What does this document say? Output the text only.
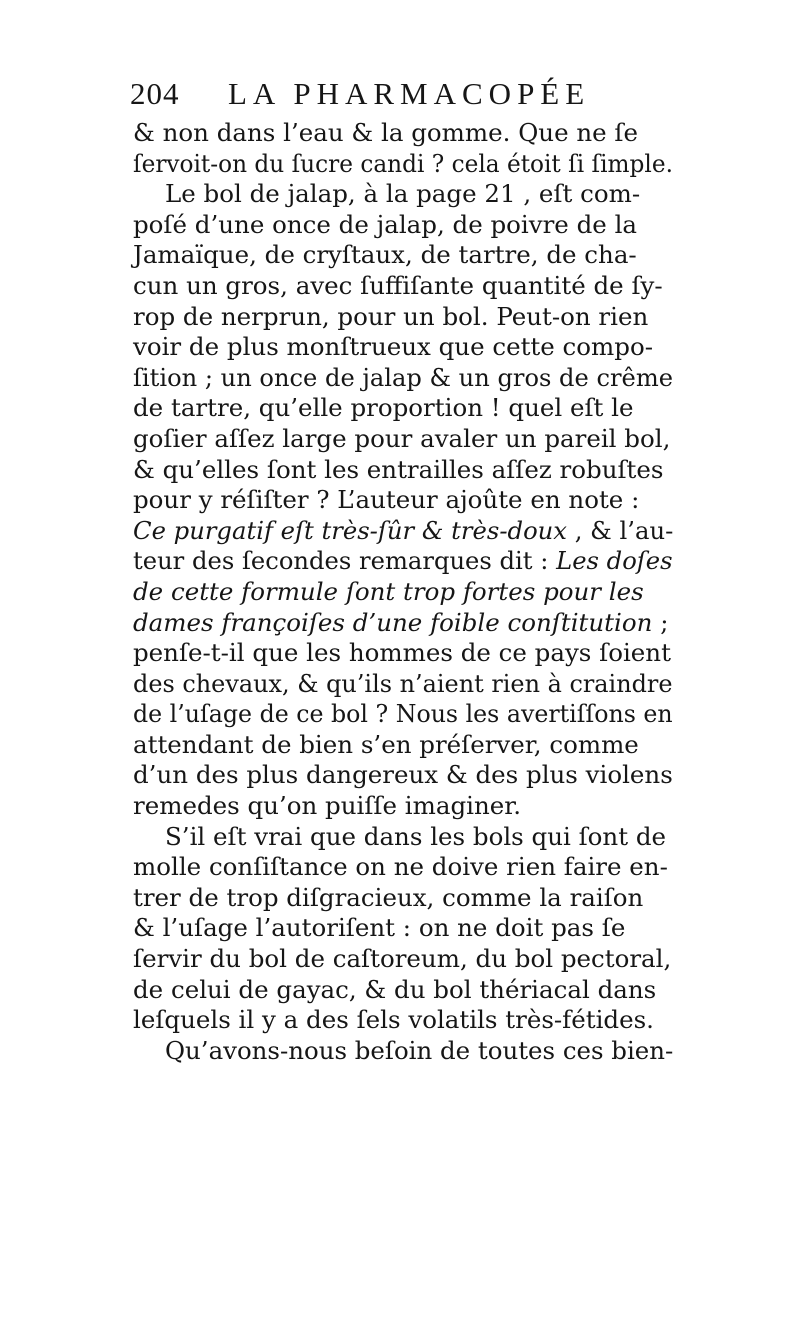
204 LA PHARMACOPÉE
& non dans l’eau & la gomme. Que ne ſe
ſervoit-on du ſucre candi ? cela étoit ſi ſimple.
Le bol de jalap, à la page 21 , eſt com-
poſé d’une once de jalap, de poivre de la
Jamaïque, de cryſtaux, de tartre, de cha-
cun un gros, avec ſuffiſante quantité de ſy-
rop de nerprun, pour un bol. Peut-on rien
voir de plus monſtrueux que cette compo-
ſition ; un once de jalap & un gros de crême
de tartre, qu’elle proportion ! quel eſt le
goſier aſſez large pour avaler un pareil bol,
& qu’elles ſont les entrailles aſſez robuſtes
pour y réſiſter ? L’auteur ajoûte en note :
Ce purgatif eſt très-ſûr & très-doux , & l’au-
teur des ſecondes remarques dit : Les doſes
de cette formule ſont trop fortes pour les
dames françoiſes d’une foible conſtitution ;
penſe-t-il que les hommes de ce pays ſoient
des chevaux, & qu’ils n’aient rien à craindre
de l’uſage de ce bol ? Nous les avertiſſons en
attendant de bien s’en préſerver, comme
d’un des plus dangereux & des plus violens
remedes qu’on puiſſe imaginer.
S’il eſt vrai que dans les bols qui ſont de
molle conſiſtance on ne doive rien faire en-
trer de trop diſgracieux, comme la raiſon
& l’uſage l’autoriſent : on ne doit pas ſe
ſervir du bol de caſtoreum, du bol pectoral,
de celui de gayac, & du bol thériacal dans
leſquels il y a des ſels volatils très-fétides.
Qu’avons-nous beſoin de toutes ces bien-
